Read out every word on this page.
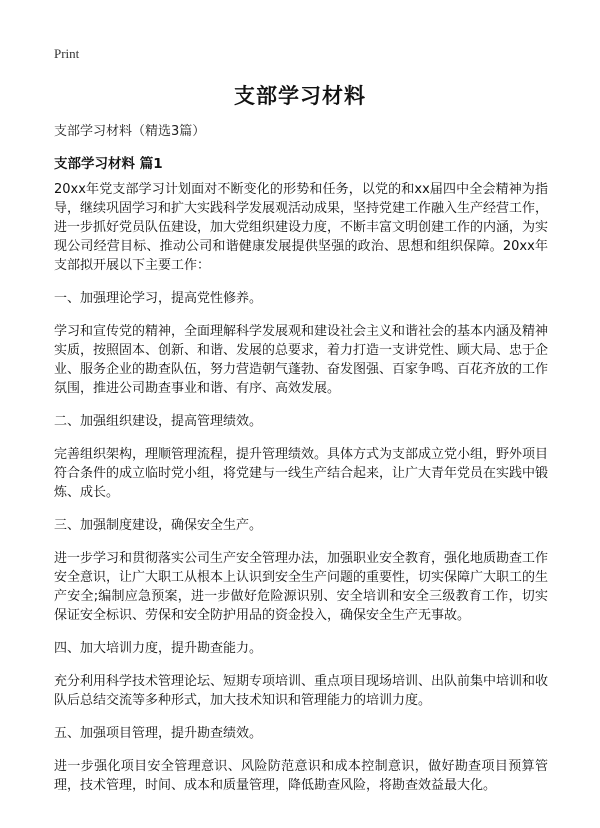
Print
支部学习材料
支部学习材料（精选3篇）
支部学习材料 篇1

20xx年党支部学习计划面对不断变化的形势和任务，以党的和xx届四中全会精神为指导，继续巩固学习和扩大实践科学发展观活动成果，坚持党建工作融入生产经营工作，进一步抓好党员队伍建设，加大党组织建设力度，不断丰富文明创建工作的内涵，为实现公司经营目标、推动公司和谐健康发展提供坚强的政治、思想和组织保障。20xx年支部拟开展以下主要工作：

一、加强理论学习，提高党性修养。

学习和宣传党的精神，全面理解科学发展观和建设社会主义和谐社会的基本内涵及精神实质，按照固本、创新、和谐、发展的总要求，着力打造一支讲党性、顾大局、忠于企业、服务企业的勘查队伍，努力营造朝气蓬勃、奋发图强、百家争鸣、百花齐放的工作氛围，推进公司勘查事业和谐、有序、高效发展。

二、加强组织建设，提高管理绩效。

完善组织架构，理顺管理流程，提升管理绩效。具体方式为支部成立党小组，野外项目符合条件的成立临时党小组，将党建与一线生产结合起来，让广大青年党员在实践中锻炼、成长。

三、加强制度建设，确保安全生产。

进一步学习和贯彻落实公司生产安全管理办法，加强职业安全教育，强化地质勘查工作安全意识，让广大职工从根本上认识到安全生产问题的重要性，切实保障广大职工的生产安全;编制应急预案，进一步做好危险源识别、安全培训和安全三级教育工作，切实保证安全标识、劳保和安全防护用品的资金投入，确保安全生产无事故。

四、加大培训力度，提升勘查能力。

充分利用科学技术管理论坛、短期专项培训、重点项目现场培训、出队前集中培训和收队后总结交流等多种形式，加大技术知识和管理能力的培训力度。

五、加强项目管理，提升勘查绩效。

进一步强化项目安全管理意识、风险防范意识和成本控制意识，做好勘查项目预算管理，技术管理，时间、成本和质量管理，降低勘查风险，将勘查效益最大化。
